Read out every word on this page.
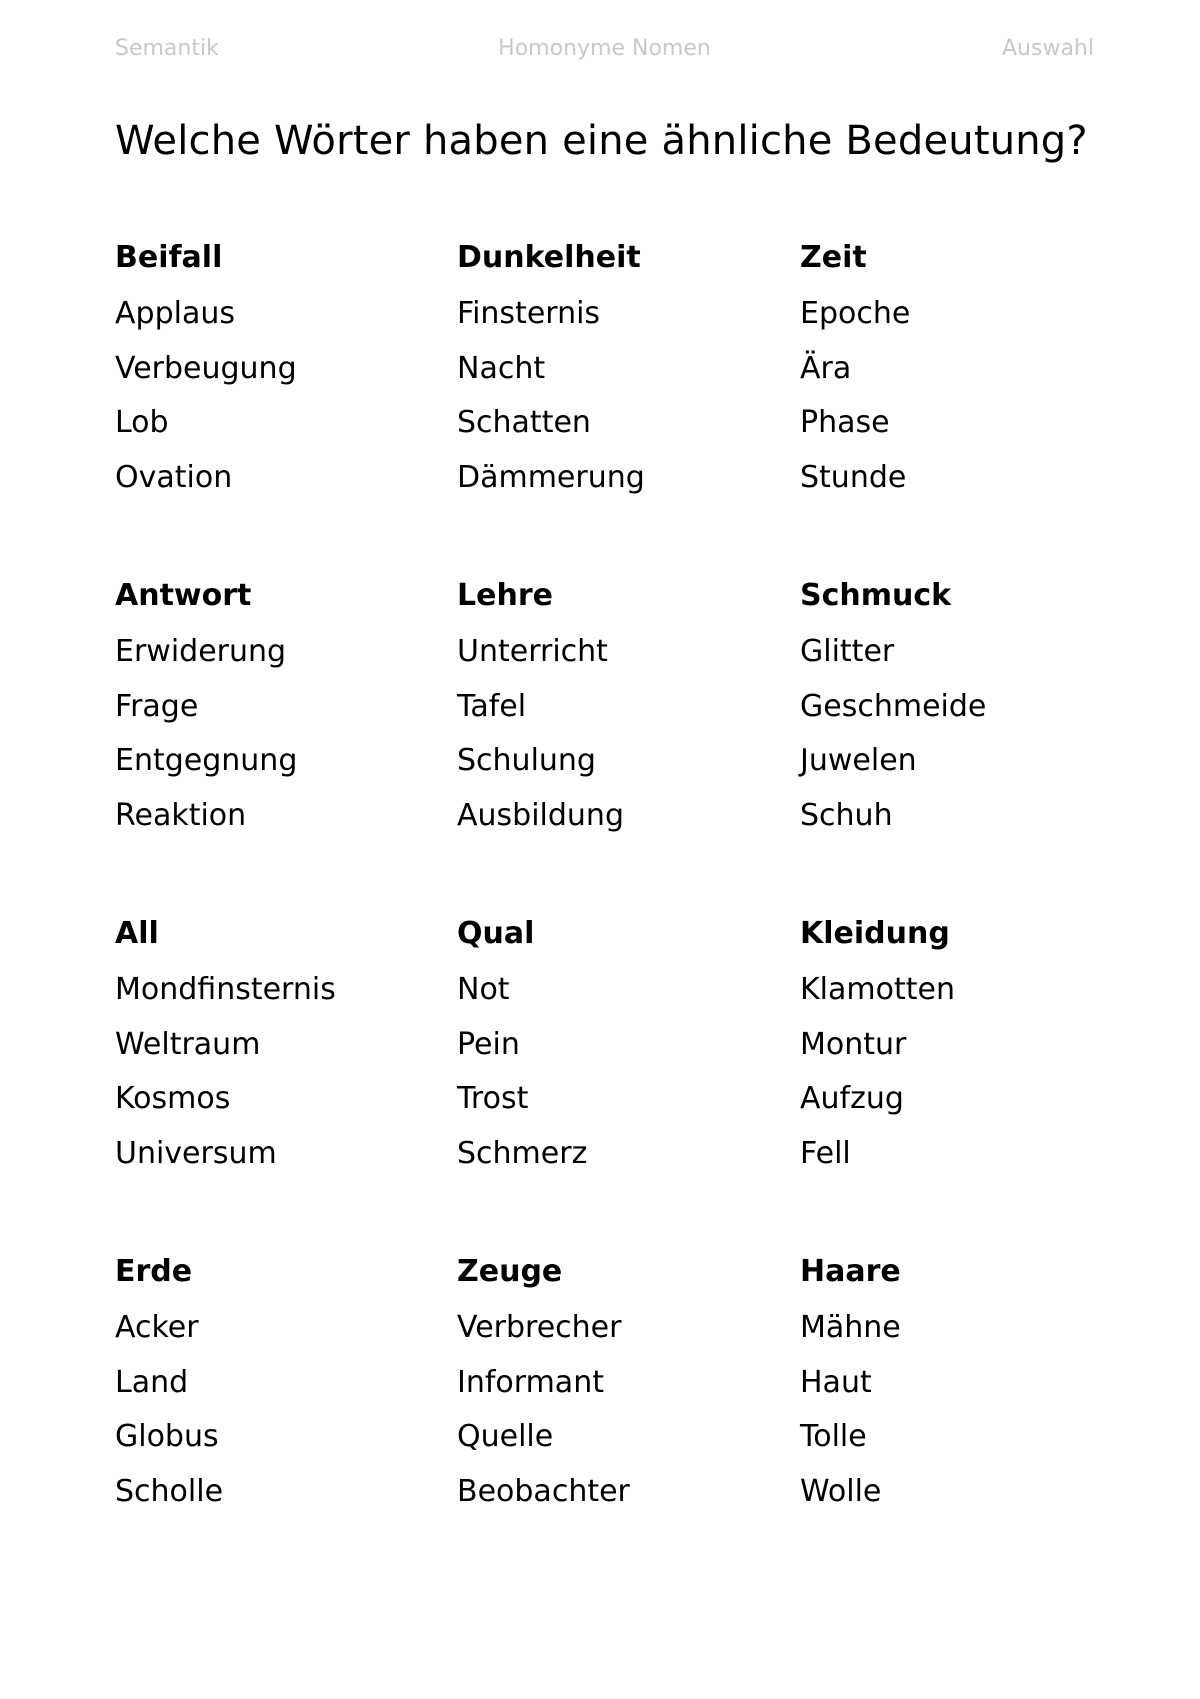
Semantik	Homonyme Nomen	Auswahl
Welche Wörter haben eine ähnliche Bedeutung?
Beifall
Applaus
Verbeugung
Lob
Ovation
Dunkelheit
Finsternis
Nacht
Schatten
Dämmerung
Zeit
Epoche
Ära
Phase
Stunde
Antwort
Erwiderung
Frage
Entgegnung
Reaktion
Lehre
Unterricht
Tafel
Schulung
Ausbildung
Schmuck
Glitter
Geschmeide
Juwelen
Schuh
All
Mondfinsternis
Weltraum
Kosmos
Universum
Qual
Not
Pein
Trost
Schmerz
Kleidung
Klamotten
Montur
Aufzug
Fell
Erde
Acker
Land
Globus
Scholle
Zeuge
Verbrecher
Informant
Quelle
Beobachter
Haare
Mähne
Haut
Tolle
Wolle
